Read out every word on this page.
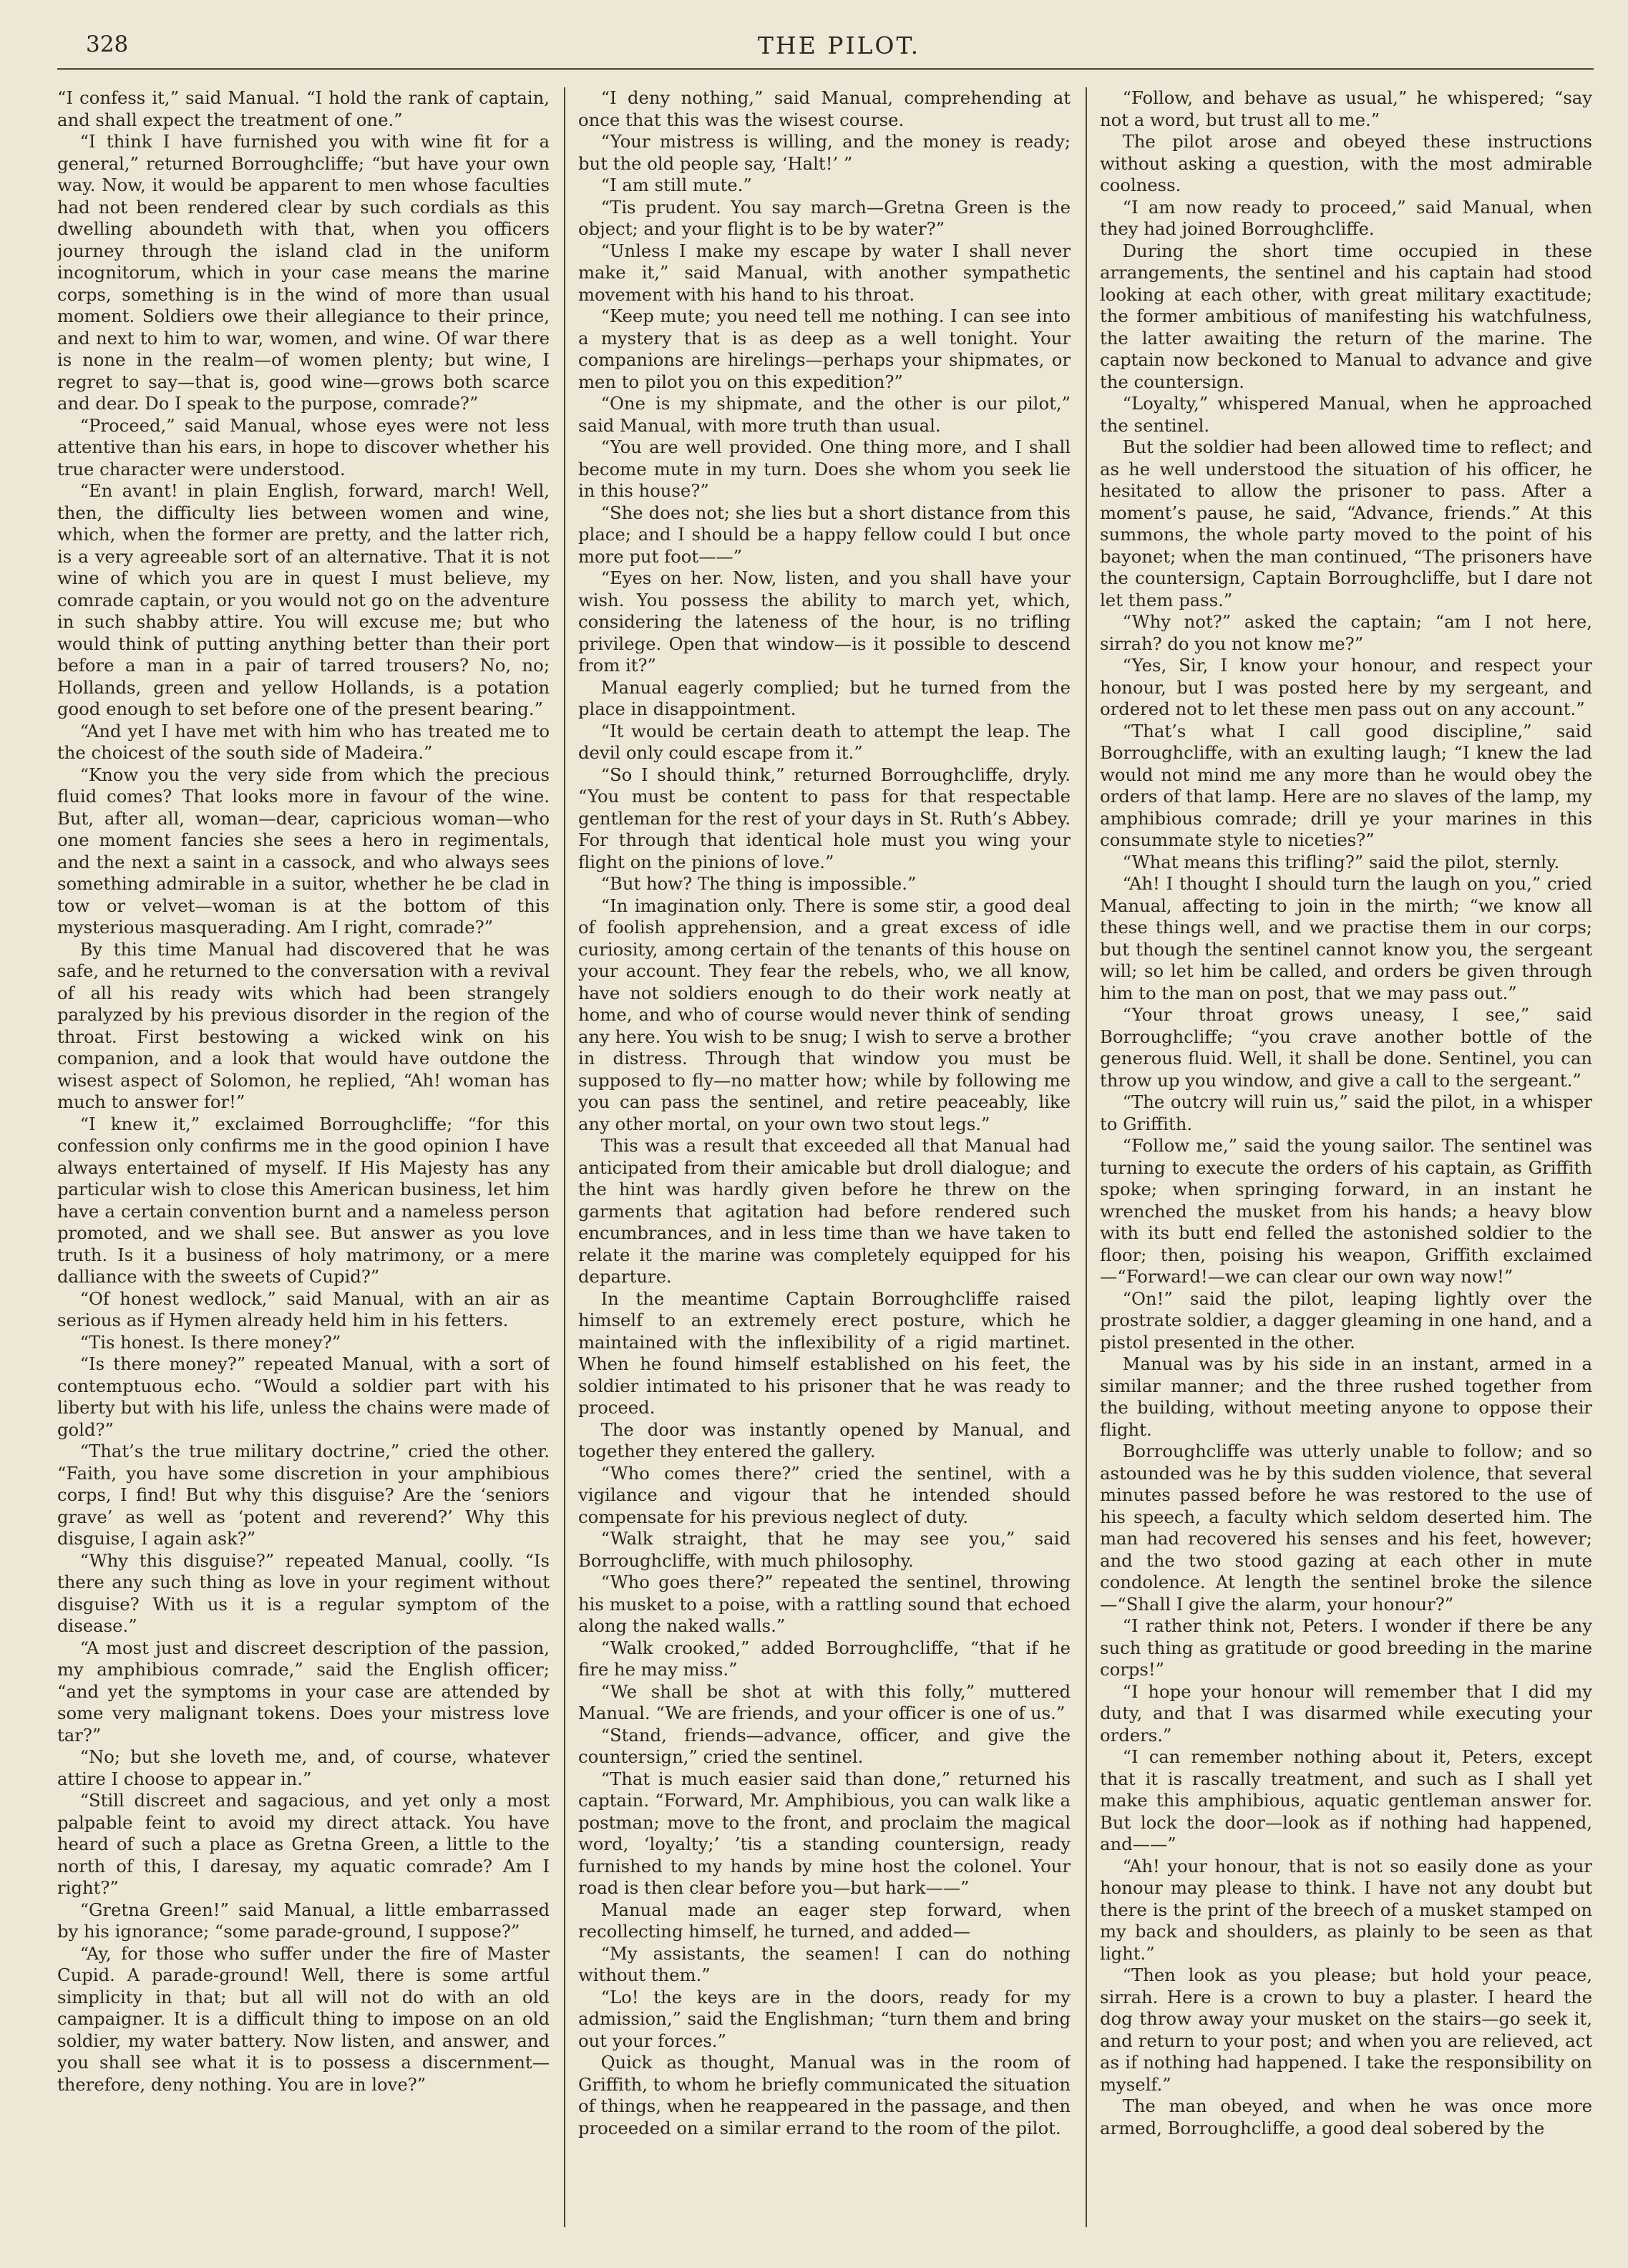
328	THE PILOT.

“I confess it,” said Manual. “I hold the rank of captain, and shall expect the treatment of one.”

“I think I have furnished you with wine fit for a general,” returned Borroughcliffe; “but have your own way. Now, it would be apparent to men whose faculties had not been rendered clear by such cordials as this dwelling aboundeth with that, when you officers journey through the island clad in the uniform incognitorum, which in your case means the marine corps, something is in the wind of more than usual moment. Soldiers owe their allegiance to their prince, and next to him to war, women, and wine. Of war there is none in the realm—of women plenty; but wine, I regret to say—that is, good wine—grows both scarce and dear. Do I speak to the purpose, comrade?”

“Proceed,” said Manual, whose eyes were not less attentive than his ears, in hope to discover whether his true character were understood.

“En avant! in plain English, forward, march! Well, then, the difficulty lies between women and wine, which, when the former are pretty, and the latter rich, is a very agreeable sort of an alternative. That it is not wine of which you are in quest I must believe, my comrade captain, or you would not go on the adventure in such shabby attire. You will excuse me; but who would think of putting anything better than their port before a man in a pair of tarred trousers? No, no; Hollands, green and yellow Hollands, is a potation good enough to set before one of the present bearing.”

“And yet I have met with him who has treated me to the choicest of the south side of Madeira.”

“Know you the very side from which the precious fluid comes? That looks more in favour of the wine. But, after all, woman—dear, capricious woman—who one moment fancies she sees a hero in regimentals, and the next a saint in a cassock, and who always sees something admirable in a suitor, whether he be clad in tow or velvet—woman is at the bottom of this mysterious masquerading. Am I right, comrade?”

By this time Manual had discovered that he was safe, and he returned to the conversation with a revival of all his ready wits which had been strangely paralyzed by his previous disorder in the region of the throat. First bestowing a wicked wink on his companion, and a look that would have outdone the wisest aspect of Solomon, he replied, “Ah! woman has much to answer for!”

“I knew it,” exclaimed Borroughcliffe; “for this confession only confirms me in the good opinion I have always entertained of myself. If His Majesty has any particular wish to close this American business, let him have a certain convention burnt and a nameless person promoted, and we shall see. But answer as you love truth. Is it a business of holy matrimony, or a mere dalliance with the sweets of Cupid?”

“Of honest wedlock,” said Manual, with an air as serious as if Hymen already held him in his fetters.

“Tis honest. Is there money?”

“Is there money?” repeated Manual, with a sort of contemptuous echo. “Would a soldier part with his liberty but with his life, unless the chains were made of gold?”

“That’s the true military doctrine,” cried the other. “Faith, you have some discretion in your amphibious corps, I find! But why this disguise? Are the ‘seniors grave’ as well as ‘potent and reverend?’ Why this disguise, I again ask?”

“Why this disguise?” repeated Manual, coolly. “Is there any such thing as love in your regiment without disguise? With us it is a regular symptom of the disease.”

“A most just and discreet description of the passion, my amphibious comrade,” said the English officer; “and yet the symptoms in your case are attended by some very malignant tokens. Does your mistress love tar?”

“No; but she loveth me, and, of course, whatever attire I choose to appear in.”

“Still discreet and sagacious, and yet only a most palpable feint to avoid my direct attack. You have heard of such a place as Gretna Green, a little to the north of this, I daresay, my aquatic comrade? Am I right?”

“Gretna Green!” said Manual, a little embarrassed by his ignorance; “some parade-ground, I suppose?”

“Ay, for those who suffer under the fire of Master Cupid. A parade-ground! Well, there is some artful simplicity in that; but all will not do with an old campaigner. It is a difficult thing to impose on an old soldier, my water battery. Now listen, and answer, and you shall see what it is to possess a discernment—therefore, deny nothing. You are in love?”

“I deny nothing,” said Manual, comprehending at once that this was the wisest course.

“Your mistress is willing, and the money is ready; but the old people say, ‘Halt!’ ”

“I am still mute.”

“Tis prudent. You say march—Gretna Green is the object; and your flight is to be by water?”

“Unless I make my escape by water I shall never make it,” said Manual, with another sympathetic movement with his hand to his throat.

“Keep mute; you need tell me nothing. I can see into a mystery that is as deep as a well tonight. Your companions are hirelings—perhaps your shipmates, or men to pilot you on this expedition?”

“One is my shipmate, and the other is our pilot,” said Manual, with more truth than usual.

“You are well provided. One thing more, and I shall become mute in my turn. Does she whom you seek lie in this house?”

“She does not; she lies but a short distance from this place; and I should be a happy fellow could I but once more put foot——”

“Eyes on her. Now, listen, and you shall have your wish. You possess the ability to march yet, which, considering the lateness of the hour, is no trifling privilege. Open that window—is it possible to descend from it?”

Manual eagerly complied; but he turned from the place in disappointment.

“It would be certain death to attempt the leap. The devil only could escape from it.”

“So I should think,” returned Borroughcliffe, dryly. “You must be content to pass for that respectable gentleman for the rest of your days in St. Ruth’s Abbey. For through that identical hole must you wing your flight on the pinions of love.”

“But how? The thing is impossible.”

“In imagination only. There is some stir, a good deal of foolish apprehension, and a great excess of idle curiosity, among certain of the tenants of this house on your account. They fear the rebels, who, we all know, have not soldiers enough to do their work neatly at home, and who of course would never think of sending any here. You wish to be snug; I wish to serve a brother in distress. Through that window you must be supposed to fly—no matter how; while by following me you can pass the sentinel, and retire peaceably, like any other mortal, on your own two stout legs.”

This was a result that exceeded all that Manual had anticipated from their amicable but droll dialogue; and the hint was hardly given before he threw on the garments that agitation had before rendered such encumbrances, and in less time than we have taken to relate it the marine was completely equipped for his departure.

In the meantime Captain Borroughcliffe raised himself to an extremely erect posture, which he maintained with the inflexibility of a rigid martinet. When he found himself established on his feet, the soldier intimated to his prisoner that he was ready to proceed.

The door was instantly opened by Manual, and together they entered the gallery.

“Who comes there?” cried the sentinel, with a vigilance and vigour that he intended should compensate for his previous neglect of duty.

“Walk straight, that he may see you,” said Borroughcliffe, with much philosophy.

“Who goes there?” repeated the sentinel, throwing his musket to a poise, with a rattling sound that echoed along the naked walls.”

“Walk crooked,” added Borroughcliffe, “that if he fire he may miss.”

“We shall be shot at with this folly,” muttered Manual. “We are friends, and your officer is one of us.”

“Stand, friends—advance, officer, and give the countersign,” cried the sentinel.

“That is much easier said than done,” returned his captain. “Forward, Mr. Amphibious, you can walk like a postman; move to the front, and proclaim the magical word, ‘loyalty;’ ’tis a standing countersign, ready furnished to my hands by mine host the colonel. Your road is then clear before you—but hark——”

Manual made an eager step forward, when recollecting himself, he turned, and added—

“My assistants, the seamen! I can do nothing without them.”

“Lo! the keys are in the doors, ready for my admission,” said the Englishman; “turn them and bring out your forces.”

Quick as thought, Manual was in the room of Griffith, to whom he briefly communicated the situation of things, when he reappeared in the passage, and then proceeded on a similar errand to the room of the pilot.

“Follow, and behave as usual,” he whispered; “say not a word, but trust all to me.”

The pilot arose and obeyed these instructions without asking a question, with the most admirable coolness.

“I am now ready to proceed,” said Manual, when they had joined Borroughcliffe.

During the short time occupied in these arrangements, the sentinel and his captain had stood looking at each other, with great military exactitude; the former ambitious of manifesting his watchfulness, the latter awaiting the return of the marine. The captain now beckoned to Manual to advance and give the countersign.

“Loyalty,” whispered Manual, when he approached the sentinel.

But the soldier had been allowed time to reflect; and as he well understood the situation of his officer, he hesitated to allow the prisoner to pass. After a moment’s pause, he said, “Advance, friends.” At this summons, the whole party moved to the point of his bayonet; when the man continued, “The prisoners have the countersign, Captain Borroughcliffe, but I dare not let them pass.”

“Why not?” asked the captain; “am I not here, sirrah? do you not know me?”

“Yes, Sir, I know your honour, and respect your honour, but I was posted here by my sergeant, and ordered not to let these men pass out on any account.”

“That’s what I call good discipline,” said Borroughcliffe, with an exulting laugh; “I knew the lad would not mind me any more than he would obey the orders of that lamp. Here are no slaves of the lamp, my amphibious comrade; drill ye your marines in this consummate style to niceties?”

“What means this trifling?” said the pilot, sternly.

“Ah! I thought I should turn the laugh on you,” cried Manual, affecting to join in the mirth; “we know all these things well, and we practise them in our corps; but though the sentinel cannot know you, the sergeant will; so let him be called, and orders be given through him to the man on post, that we may pass out.”

“Your throat grows uneasy, I see,” said Borroughcliffe; “you crave another bottle of the generous fluid. Well, it shall be done. Sentinel, you can throw up you window, and give a call to the sergeant.”

“The outcry will ruin us,” said the pilot, in a whisper to Griffith.

“Follow me,” said the young sailor. The sentinel was turning to execute the orders of his captain, as Griffith spoke; when springing forward, in an instant he wrenched the musket from his hands; a heavy blow with its butt end felled the astonished soldier to the floor; then, poising his weapon, Griffith exclaimed—“Forward!—we can clear our own way now!”

“On!” said the pilot, leaping lightly over the prostrate soldier, a dagger gleaming in one hand, and a pistol presented in the other.

Manual was by his side in an instant, armed in a similar manner; and the three rushed together from the building, without meeting anyone to oppose their flight.

Borroughcliffe was utterly unable to follow; and so astounded was he by this sudden violence, that several minutes passed before he was restored to the use of his speech, a faculty which seldom deserted him. The man had recovered his senses and his feet, however; and the two stood gazing at each other in mute condolence. At length the sentinel broke the silence—“Shall I give the alarm, your honour?”

“I rather think not, Peters. I wonder if there be any such thing as gratitude or good breeding in the marine corps!”

“I hope your honour will remember that I did my duty, and that I was disarmed while executing your orders.”

“I can remember nothing about it, Peters, except that it is rascally treatment, and such as I shall yet make this amphibious, aquatic gentleman answer for. But lock the door—look as if nothing had happened, and——”

“Ah! your honour, that is not so easily done as your honour may please to think. I have not any doubt but there is the print of the breech of a musket stamped on my back and shoulders, as plainly to be seen as that light.”

“Then look as you please; but hold your peace, sirrah. Here is a crown to buy a plaster. I heard the dog throw away your musket on the stairs—go seek it, and return to your post; and when you are relieved, act as if nothing had happened. I take the responsibility on myself.”

The man obeyed, and when he was once more armed, Borroughcliffe, a good deal sobered by the
